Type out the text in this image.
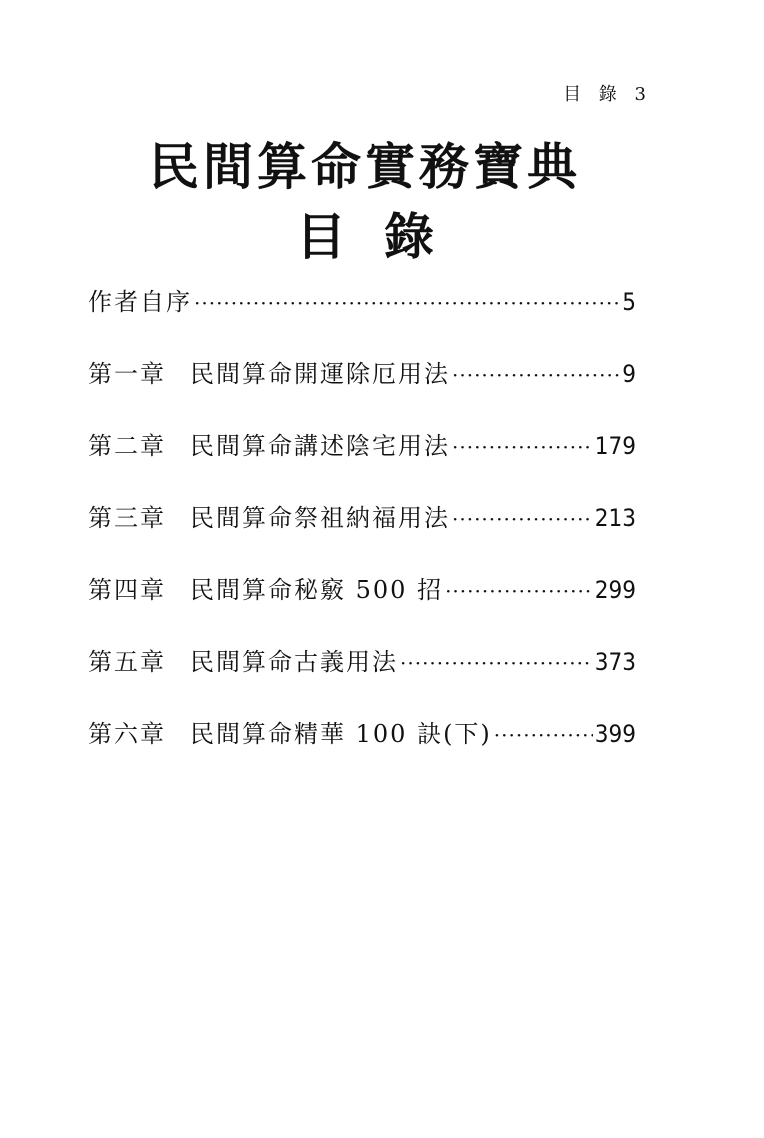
目 錄 3
民間算命實務寶典
目 錄
作者自序 ·····	5
第一章	民間算命開運除厄用法 ·····	9
第二章	民間算命講述陰宅用法 ·····	179
第三章	民間算命祭祖納福用法 ·····	213
第四章	民間算命秘竅 500 招 ·····	299
第五章	民間算命古義用法 ·····	373
第六章	民間算命精華 100 訣(下) ·····	399
